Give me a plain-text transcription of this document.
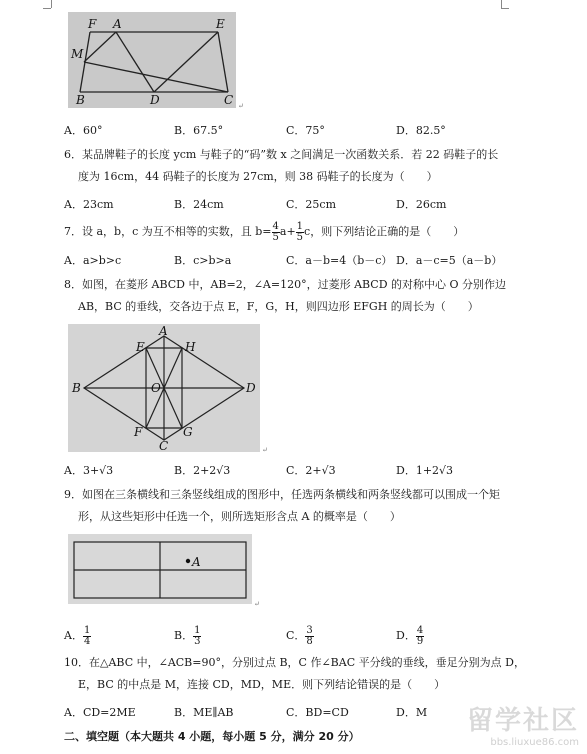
F A	E
M
B	D	C ↵
A．60°	B．67.5°	C．75°	D．82.5°
6．某品牌鞋子的长度 ycm 与鞋子的“码”数 x 之间满足一次函数关系．若 22 码鞋子的长
度为 16cm，44 码鞋子的长度为 27cm，则 38 码鞋子的长度为（　　）
A．23cm	B．24cm	C．25cm	D．26cm
7．设 a，b，c 为互不相等的实数，且 $b= \frac{4}{5} a+ \frac{1}{5}$ c，则下列结论正确的是（　　）
A．a>b>c	B．c>b>a	C．a－b=4（b－c） D．a－c=5（a－b）
8．如图，在菱形 ABCD 中，AB=2，∠A=120°，过菱形 ABCD 的对称中心 O 分别作边
AB，BC 的垂线，交各边于点 E，F，G，H，则四边形 EFGH 的周长为（　　）
A
E	H
B	O	D
F	G
C	↵
A．3+√3	B．2+2√3	C．2+√3	D．1+2√3
9．如图在三条横线和三条竖线组成的图形中，任选两条横线和两条竖线都可以围成一个矩
形，从这些矩形中任选一个，则所选矩形含点 A 的概率是（　　）
A
↵
A． $\frac{1}{4}$	B． $\frac{1}{3}$	C． $\frac{3}{8}$	D． $\frac{4}{9}$
10．在△ABC 中，∠ACB=90°，分别过点 B，C 作∠BAC 平分线的垂线，垂足分别为点 D，
E，BC 的中点是 M，连接 CD，MD，ME．则下列结论错误的是（　　）
A．CD=2ME	B．ME∥AB	C．BD=CD	D．M
二、填空题（本大题共 4 小题，每小题 5 分，满分 20 分）
留学社区
bbs.liuxue86.com
